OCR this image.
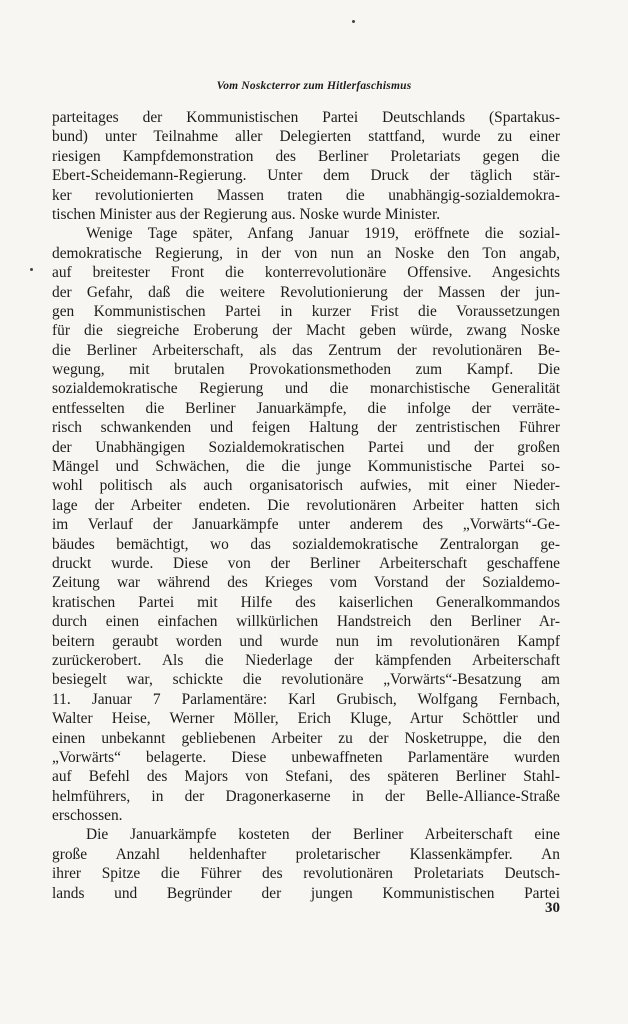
Vom Noskcterror zum Hitlerfaschismus
parteitages der Kommunistischen Partei Deutschlands (Spartakus-
bund) unter Teilnahme aller Delegierten stattfand, wurde zu einer
riesigen Kampfdemonstration des Berliner Proletariats gegen die
Ebert-Scheidemann-Regierung. Unter dem Druck der täglich stär-
ker revolutionierten Massen traten die unabhängig-sozialdemokra-
tischen Minister aus der Regierung aus. Noske wurde Minister.
Wenige Tage später, Anfang Januar 1919, eröffnete die sozial-
demokratische Regierung, in der von nun an Noske den Ton angab,
auf breitester Front die konterrevolutionäre Offensive. Angesichts
der Gefahr, daß die weitere Revolutionierung der Massen der jun-
gen Kommunistischen Partei in kurzer Frist die Voraussetzungen
für die siegreiche Eroberung der Macht geben würde, zwang Noske
die Berliner Arbeiterschaft, als das Zentrum der revolutionären Be-
wegung, mit brutalen Provokationsmethoden zum Kampf. Die
sozialdemokratische Regierung und die monarchistische Generalität
entfesselten die Berliner Januarkämpfe, die infolge der verräte-
risch schwankenden und feigen Haltung der zentristischen Führer
der Unabhängigen Sozialdemokratischen Partei und der großen
Mängel und Schwächen, die die junge Kommunistische Partei so-
wohl politisch als auch organisatorisch aufwies, mit einer Nieder-
lage der Arbeiter endeten. Die revolutionären Arbeiter hatten sich
im Verlauf der Januarkämpfe unter anderem des „Vorwärts“-Ge-
bäudes bemächtigt, wo das sozialdemokratische Zentralorgan ge-
druckt wurde. Diese von der Berliner Arbeiterschaft geschaffene
Zeitung war während des Krieges vom Vorstand der Sozialdemo-
kratischen Partei mit Hilfe des kaiserlichen Generalkommandos
durch einen einfachen willkürlichen Handstreich den Berliner Ar-
beitern geraubt worden und wurde nun im revolutionären Kampf
zurückerobert. Als die Niederlage der kämpfenden Arbeiterschaft
besiegelt war, schickte die revolutionäre „Vorwärts“-Besatzung am
11. Januar 7 Parlamentäre: Karl Grubisch, Wolfgang Fernbach,
Walter Heise, Werner Möller, Erich Kluge, Artur Schöttler und
einen unbekannt gebliebenen Arbeiter zu der Nosketruppe, die den
„Vorwärts“ belagerte. Diese unbewaffneten Parlamentäre wurden
auf Befehl des Majors von Stefani, des späteren Berliner Stahl-
helmführers, in der Dragonerkaserne in der Belle-Alliance-Straße
erschossen.
Die Januarkämpfe kosteten der Berliner Arbeiterschaft eine
große Anzahl heldenhafter proletarischer Klassenkämpfer. An
ihrer Spitze die Führer des revolutionären Proletariats Deutsch-
lands und Begründer der jungen Kommunistischen Partei
30
